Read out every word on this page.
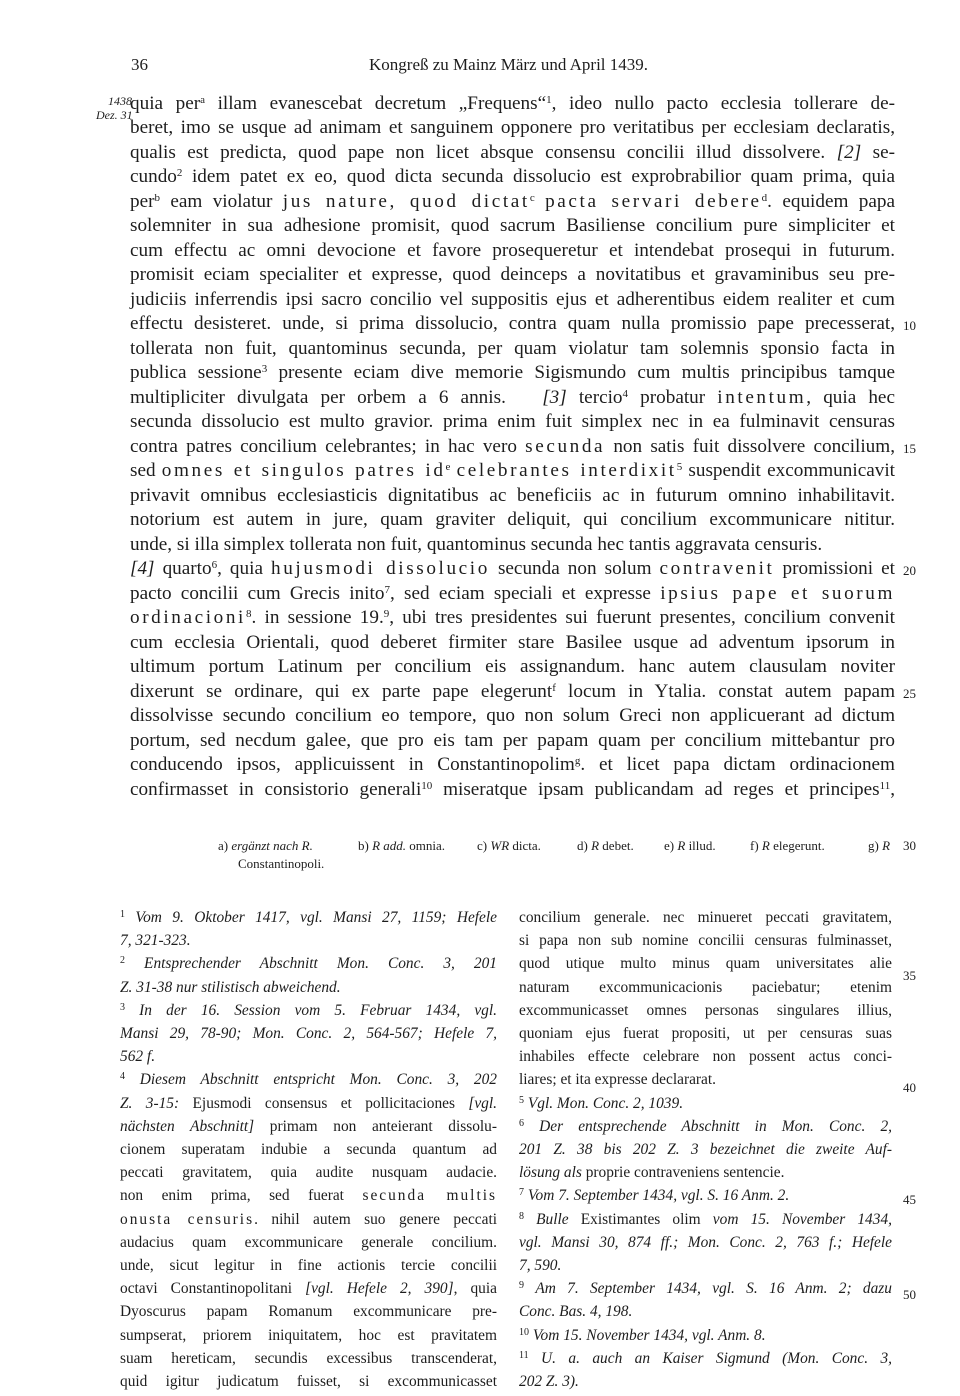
36	Kongreß zu Mainz März und April 1439.
1438
Dez. 31
quia per$^a$ illam evanescebat decretum „Frequens“$^1$, ideo nullo pacto ecclesia tollerare de-
beret, imo se usque ad animam et sanguinem opponere pro veritatibus per ecclesiam declaratis,
qualis est predicta, quod pape non licet absque consensu concilii illud dissolvere. [2] se-
cundo$^2$ idem patet ex eo, quod dicta secunda dissolucio est exprobrabilior quam prima, quia
per$^b$ eam violatur jus nature, quod dictat$^c$ pacta servari debere$^d$. equidem papa
solemniter in sua adhesione promisit, quod sacrum Basiliense concilium pure simpliciter et
cum effectu ac omni devocione et favore prosequeretur et intendebat prosequi in futurum.
promisit eciam specialiter et expresse, quod deinceps a novitatibus et gravaminibus seu pre-
judiciis inferrendis ipsi sacro concilio vel suppositis ejus et adherentibus eidem realiter et cum
effectu desisteret. unde, si prima dissolucio, contra quam nulla promissio pape precesserat,
tollerata non fuit, quantominus secunda, per quam violatur tam solemnis sponsio facta in
publica sessione$^3$ presente eciam dive memorie Sigismundo cum multis principibus tamque
multipliciter divulgata per orbem a 6 annis.   [3] tercio$^4$ probatur intentum, quia hec
secunda dissolucio est multo gravior. prima enim fuit simplex nec in ea fulminavit censuras
contra patres concilium celebrantes; in hac vero secunda non satis fuit dissolvere concilium,
sed omnes et singulos patres $id^e$ celebrantes interdixit$^5$ suspendit excommunicavit
privavit omnibus ecclesiasticis dignitatibus ac beneficiis ac in futurum omnino inhabilitavit.
notorium est autem in jure, quam graviter deliquit, qui concilium excommunicare nititur.
unde, si illa simplex tollerata non fuit, quantominus secunda hec tantis aggravata censuris.
[4] quarto$^6$, quia hujusmodi dissolucio secunda non solum contravenit promissioni et
pacto concilii cum Grecis inito$^7$, sed eciam speciali et expresse ipsius pape et suorum
ordinacioni$^8$. in sessione 19.$^9$, ubi tres presidentes sui fuerunt presentes, concilium convenit
cum ecclesia Orientali, quod deberet firmiter stare Basilee usque ad adventum ipsorum in
ultimum portum Latinum per concilium eis assignandum. hanc autem clausulam noviter
dixerunt se ordinare, qui ex parte pape elegerunt$^f$ locum in Ytalia. constat autem papam
dissolvisse secundo concilium eo tempore, quo non solum Greci non applicuerant ad dictum
portum, sed necdum galee, que pro eis tam per papam quam per concilium mittebantur pro
conducendo ipsos, applicuissent in Constantinopolim$^g$. et licet papa dictam ordinacionem
confirmasset in consistorio generali$^{10}$ miseratque ipsam publicandam ad reges et principes$^{11}$,
10
15
20
25
30
35
40
45
50
a) ergänzt nach R.	b) R add. omnia. c) WR dicta.	d) R debet. e) R illud.	f) R elegerunt.	g) R
Constantinopoli.
$^1$ Vom 9. Oktober 1417, vgl. Mansi 27, 1159; Hefele
7, 321-323.
$^2$ Entsprechender Abschnitt Mon. Conc. 3, 201
Z. 31-38 nur stilistisch abweichend.
$^3$ In der 16. Session vom 5. Februar 1434, vgl.
Mansi 29, 78-90; Mon. Conc. 2, 564-567; Hefele 7,
562 f.
$^4$ Diesem Abschnitt entspricht Mon. Conc. 3, 202
Z. 3-15: Ejusmodi consensus et pollicitaciones [vgl.
nächsten Abschnitt] primam non anteierant dissolu-
cionem superatam indubie a secunda quantum ad
peccati gravitatem, quia audite nusquam audacie.
non enim prima, sed fuerat secunda multis
onusta censuris. nihil autem suo genere peccati
audacius quam excommunicare generale concilium.
unde, sicut legitur in fine actionis tercie concilii
octavi Constantinopolitani [vgl. Hefele 2, 390], quia
Dyoscurus papam Romanum excommunicare pre-
sumpserat, priorem iniquitatem, hoc est pravitatem
suam hereticam, secundis excessibus transcenderat,
quid igitur judicatum fuisset, si excommunicasset
concilium generale. nec minueret peccati gravitatem,
si papa non sub nomine concilii censuras fulminasset,
quod utique multo minus quam universitates alie
naturam excommunicacionis paciebatur; etenim
excommunicasset omnes personas singulares illius,
quoniam ejus fuerat propositi, ut per censuras suas
inhabiles effecte celebrare non possent actus conci-
liares; et ita expresse declararat.
$^5$ Vgl. Mon. Conc. 2, 1039.
$^6$ Der entsprechende Abschnitt in Mon. Conc. 2,
201 Z. 38 bis 202 Z. 3 bezeichnet die zweite Auf-
lösung als proprie contraveniens sentencie.
$^7$ Vom 7. September 1434, vgl. S. 16 Anm. 2.
$^8$ Bulle Existimantes olim vom 15. November 1434,
vgl. Mansi 30, 874 ff.; Mon. Conc. 2, 763 f.; Hefele
7, 590.
$^9$ Am 7. September 1434, vgl. S. 16 Anm. 2; dazu
Conc. Bas. 4, 198.
$^{10}$ Vom 15. November 1434, vgl. Anm. 8.
$^{11}$ U. a. auch an Kaiser Sigmund (Mon. Conc. 3,
202 Z. 3).
